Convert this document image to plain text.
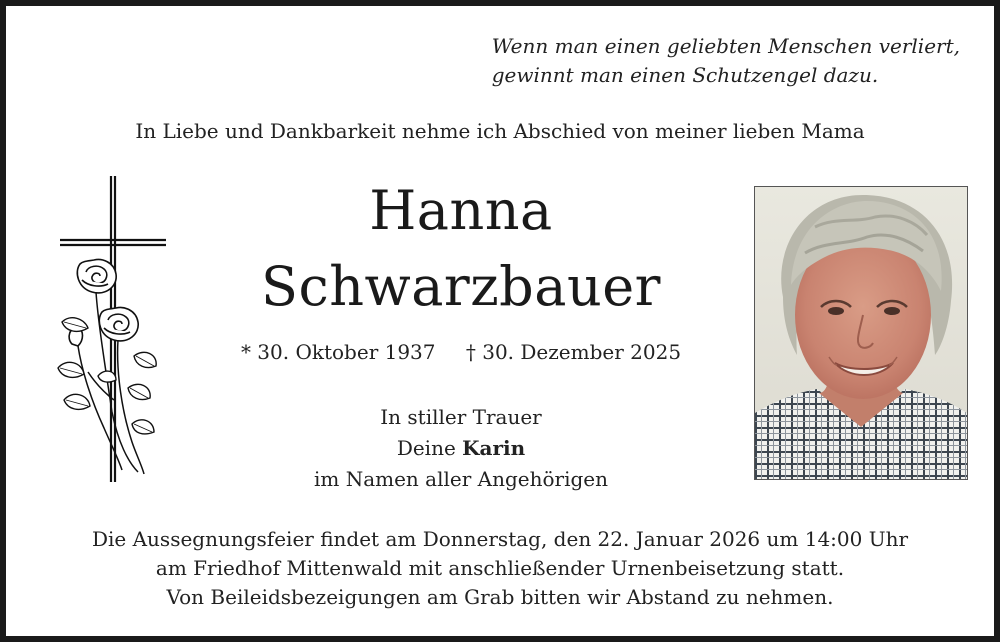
Wenn man einen geliebten Menschen verliert,
gewinnt man einen Schutzengel dazu.
In Liebe und Dankbarkeit nehme ich Abschied von meiner lieben Mama
Hanna
Schwarzbauer
* 30. Oktober 1937 † 30. Dezember 2025
In stiller Trauer
Deine Karin
im Namen aller Angehörigen
Die Aussegnungsfeier findet am Donnerstag, den 22. Januar 2026 um 14:00 Uhr
am Friedhof Mittenwald mit anschließender Urnenbeisetzung statt.
Von Beileidsbezeigungen am Grab bitten wir Abstand zu nehmen.
